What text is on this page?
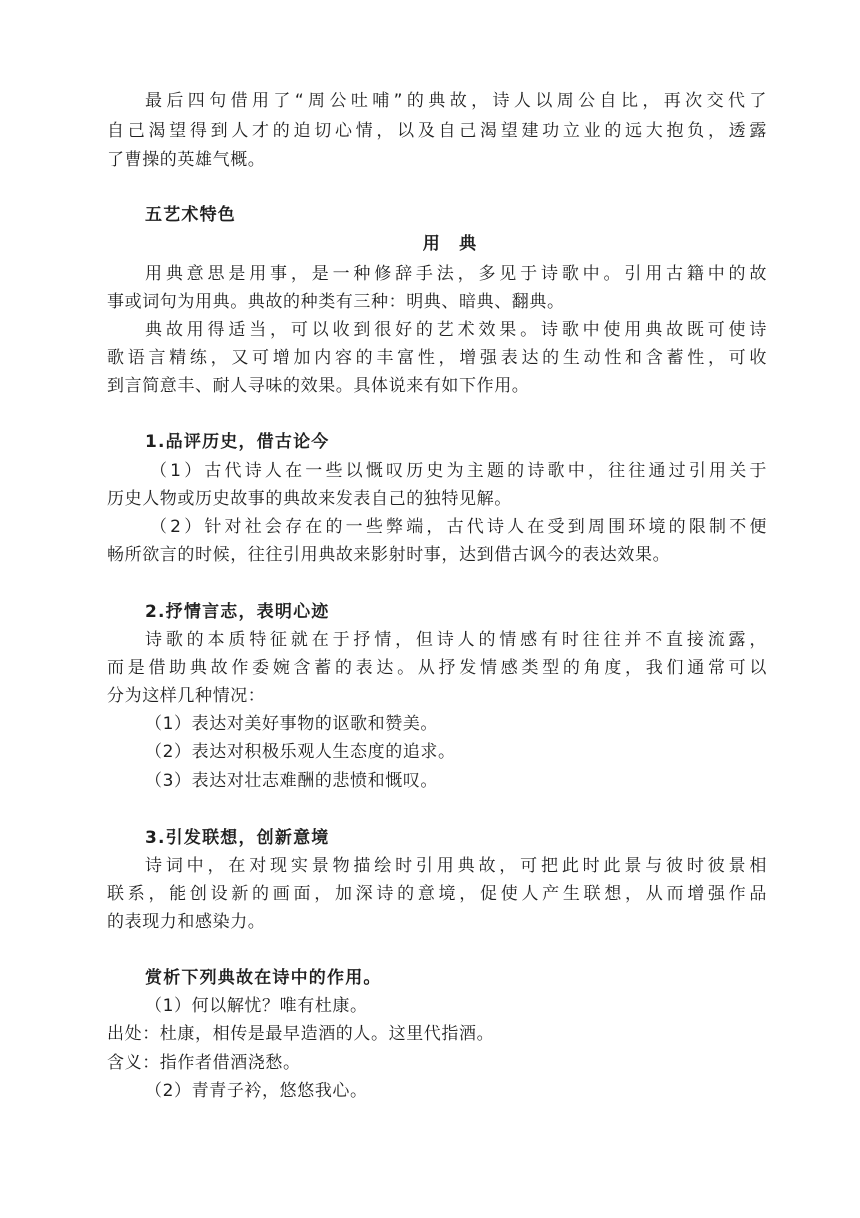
最后四句借用了“周公吐哺”的典故，诗人以周公自比，再次交代了
自己渴望得到人才的迫切心情，以及自己渴望建功立业的远大抱负，透露
了曹操的英雄气概。
五艺术特色
用　典
用典意思是用事，是一种修辞手法，多见于诗歌中。引用古籍中的故
事或词句为用典。典故的种类有三种：明典、暗典、翻典。
典故用得适当，可以收到很好的艺术效果。诗歌中使用典故既可使诗
歌语言精练，又可增加内容的丰富性，增强表达的生动性和含蓄性，可收
到言简意丰、耐人寻味的效果。具体说来有如下作用。
1.品评历史，借古论今
（1）古代诗人在一些以慨叹历史为主题的诗歌中，往往通过引用关于
历史人物或历史故事的典故来发表自己的独特见解。
（2）针对社会存在的一些弊端，古代诗人在受到周围环境的限制不便
畅所欲言的时候，往往引用典故来影射时事，达到借古讽今的表达效果。
2.抒情言志，表明心迹
诗歌的本质特征就在于抒情，但诗人的情感有时往往并不直接流露，
而是借助典故作委婉含蓄的表达。从抒发情感类型的角度，我们通常可以
分为这样几种情况：
（1）表达对美好事物的讴歌和赞美。
（2）表达对积极乐观人生态度的追求。
（3）表达对壮志难酬的悲愤和慨叹。
3.引发联想，创新意境
诗词中，在对现实景物描绘时引用典故，可把此时此景与彼时彼景相
联系，能创设新的画面，加深诗的意境，促使人产生联想，从而增强作品
的表现力和感染力。
赏析下列典故在诗中的作用。
（1）何以解忧？唯有杜康。
出处：杜康，相传是最早造酒的人。这里代指酒。
含义：指作者借酒浇愁。
（2）青青子衿，悠悠我心。
